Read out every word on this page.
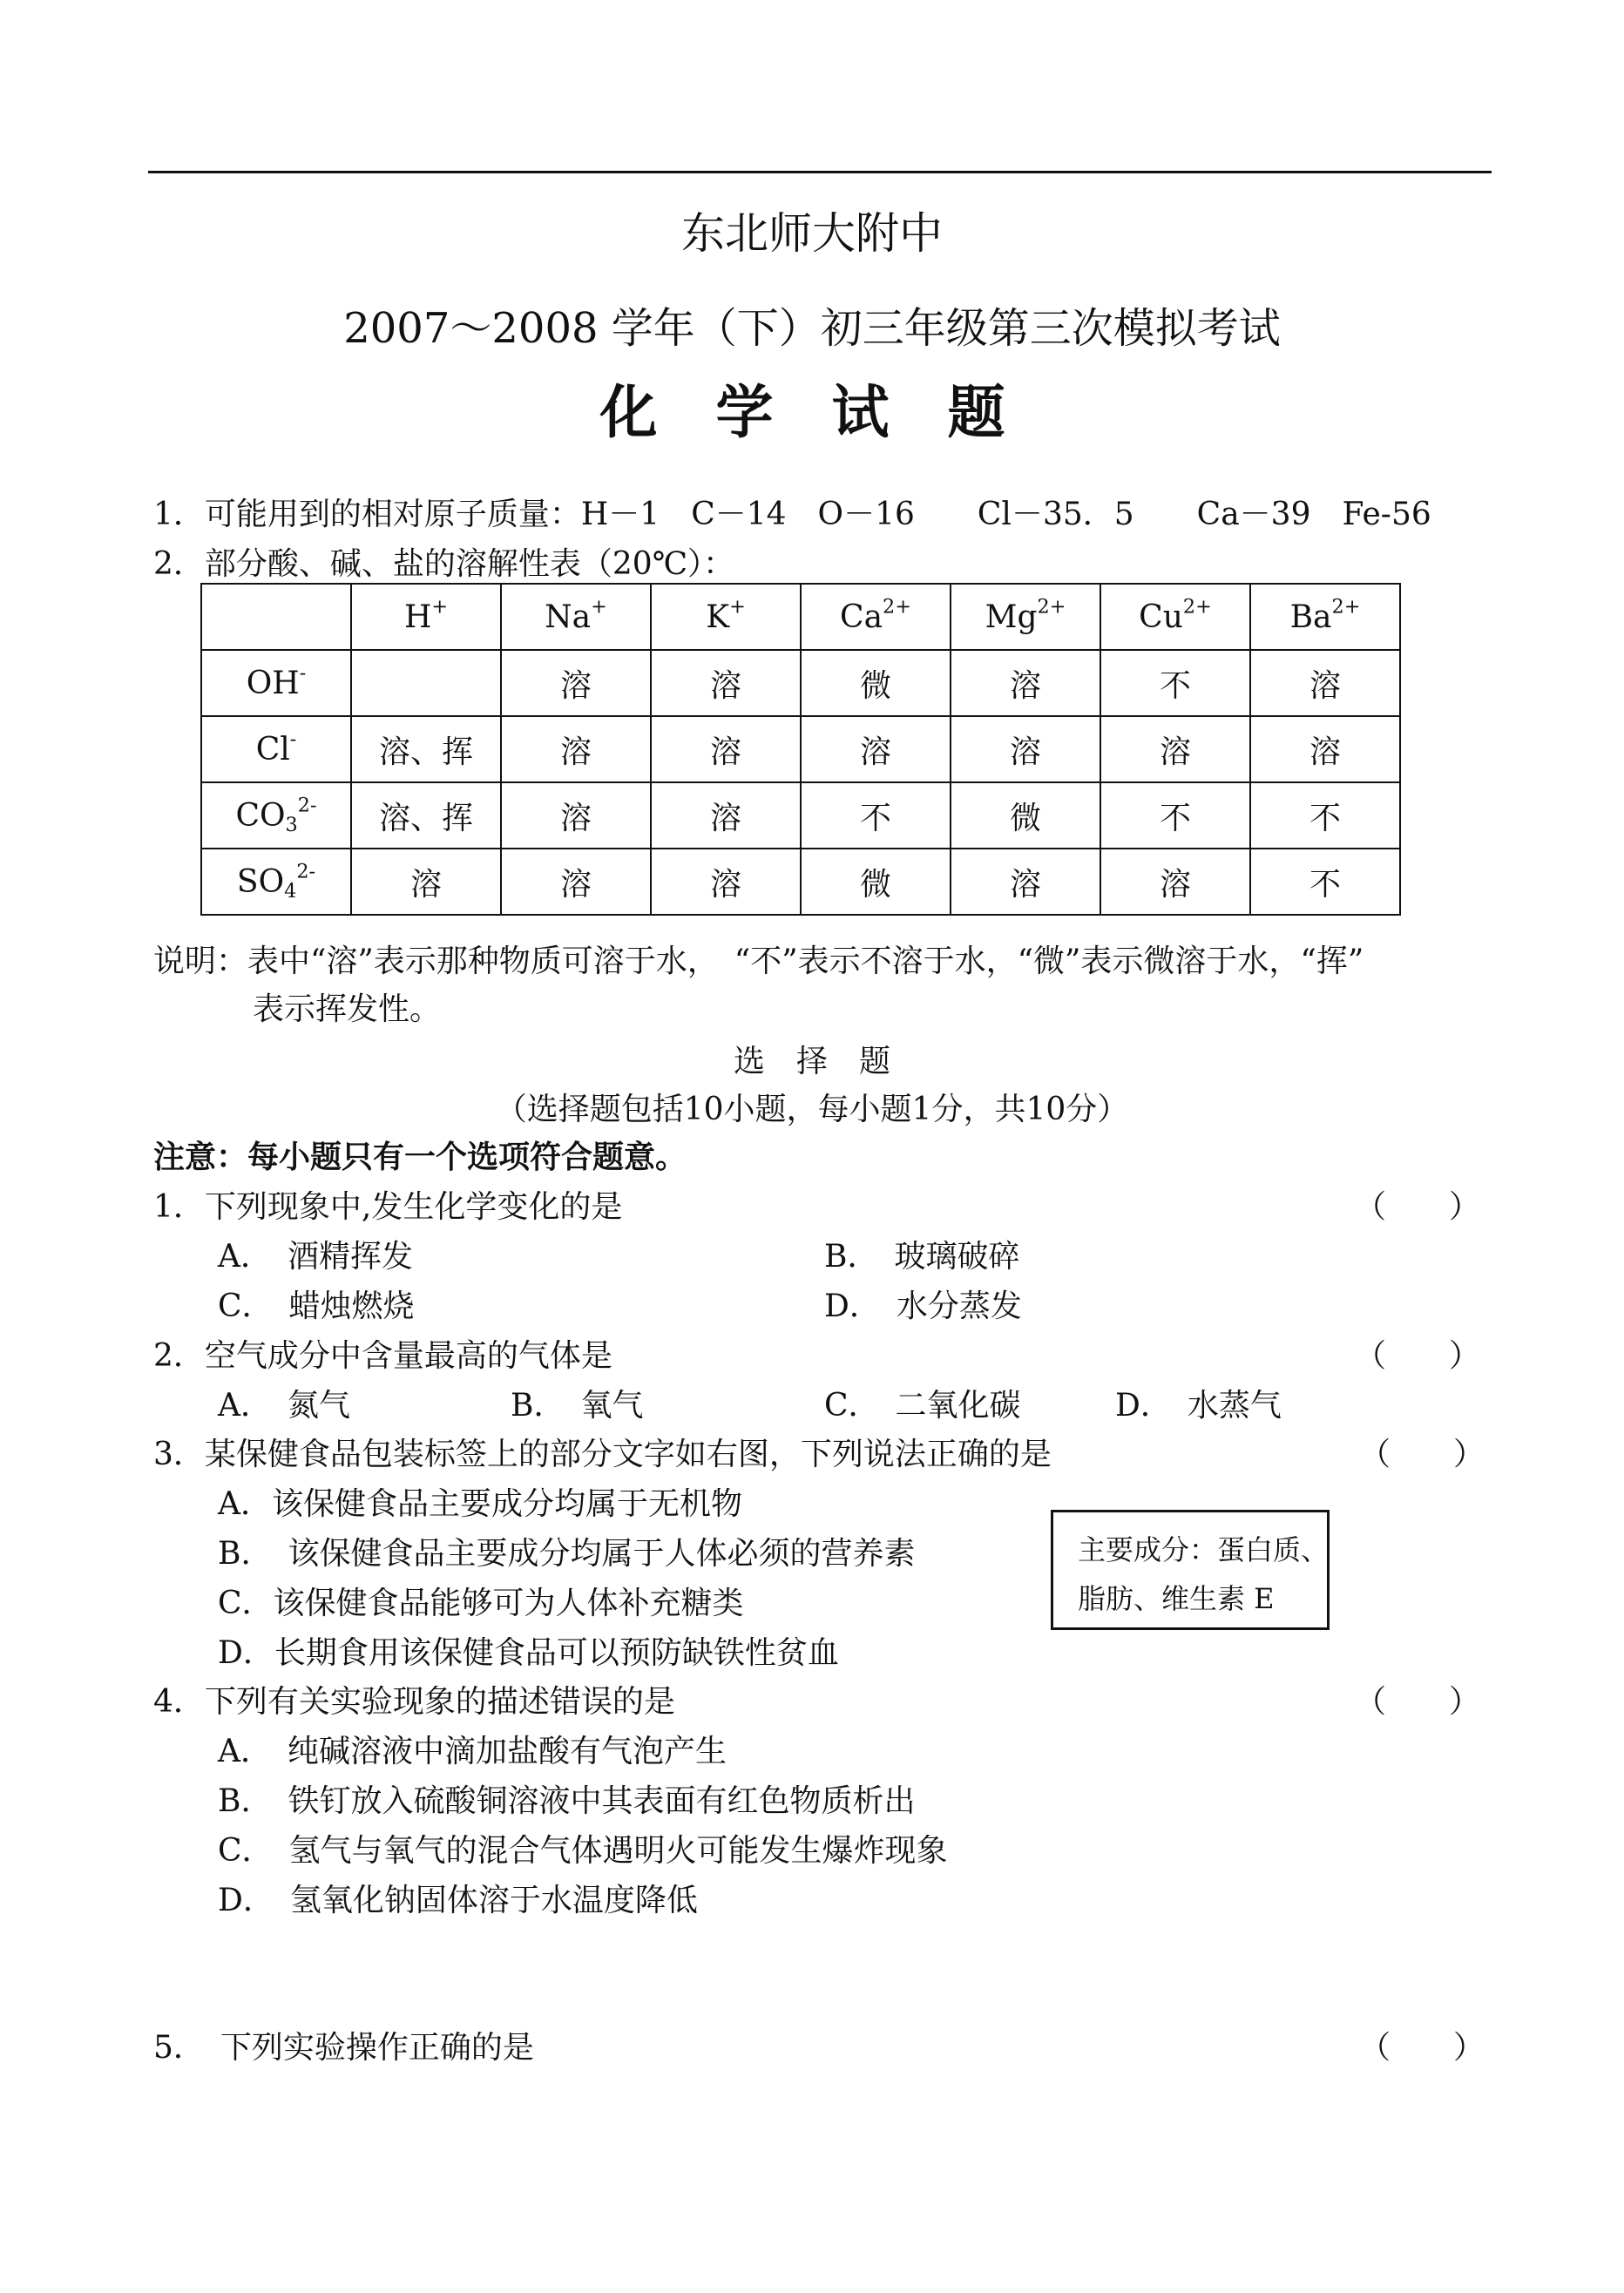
东北师大附中
2007～2008 学年（下）初三年级第三次模拟考试
化 学 试 题
1．可能用到的相对原子质量：H－1　C－14　O－16　　Cl－35．5　　Ca－39　Fe-56
2．部分酸、碱、盐的溶解性表（20℃）：
	H+	Na+	K+	$Ca^{2+}$	$Mg^{2+}$	$Cu^{2+}$	$Ba^{2+}$
OH-		溶	溶	微	溶	不	溶
Cl-	溶、挥	溶	溶	溶	溶	溶	溶
$CO_3^{2-}$	溶、挥	溶	溶	不	微	不	不
$SO_4^{2-}$	溶	溶	溶	微	溶	溶	不
说明：表中“溶”表示那种物质可溶于水，　“不”表示不溶于水，“微”表示微溶于水，“挥”
表示挥发性。
选　择　题
（选择题包括10小题，每小题1分，共10分）
注意：每小题只有一个选项符合题意。
1．下列现象中,发生化学变化的是	（　　）
A．　酒精挥发	B．　玻璃破碎
C．　蜡烛燃烧	D．　水分蒸发
2．空气成分中含量最高的气体是	（　　）
A．　氮气	B．　氧气	C．　二氧化碳	D．　水蒸气
3．某保健食品包装标签上的部分文字如右图，下列说法正确的是	（　　）
A．该保健食品主要成分均属于无机物
B．　该保健食品主要成分均属于人体必须的营养素
C．该保健食品能够可为人体补充糖类
D．长期食用该保健食品可以预防缺铁性贫血
主要成分：蛋白质、
脂肪、维生素 E
4．下列有关实验现象的描述错误的是	（　　）
A．　纯碱溶液中滴加盐酸有气泡产生
B．　铁钉放入硫酸铜溶液中其表面有红色物质析出
C．　氢气与氧气的混合气体遇明火可能发生爆炸现象
D．　氢氧化钠固体溶于水温度降低
5．　下列实验操作正确的是	（　　）
